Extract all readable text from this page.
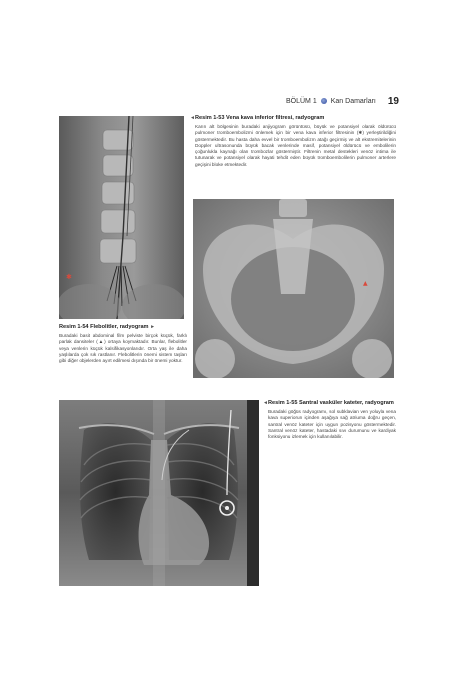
BÖLÜM 1 Kan Damarları 19
✱
◄Resim 1-53 Vena kava inferior filtresi, radyogram
Karın alt bölgesinin buradaki anjiyogram görüntüsü, büyük ve potansiyel olarak öldürücü pulmoner tromboembolizmi önlemek için bir vena kava inferior filtresinin (✱) yerleştirildiğini göstermektedir. Bu hasta daha evvel bir tromboembolizm atağı geçirmiş ve alt ekstremitelerinin Doppler ultrasonunda büyük bacak venlerinde masif, potansiyel öldürücü ve embolilerin çoğunlukla kaynağı olan trombozlar göstermiştir. Filtrenin metal destekleri venöz intima ile tutunarak ve potansiyel olarak hayati tehdit eden büyük tromboembolilerin pulmoner arterlere geçişini bloke etmektedir.
▲
Resim 1-54 Flebolitler, radyogram ►
Buradaki basit abdominal film pelviste birçok küçük, farklı parlak dansiteler (▲) ortaya koymaktadır. Bunlar, flebolitler veya venlerin küçük kalsifikasyonlarıdır. Orta yaş ile daha yaşlılarda çok sık rastlanır. Flebolitlerin önemi sistem taşları gibi diğer objelerden ayırt edilmesi dışında bir önemi yoktur.
◄Resim 1-55 Santral vasküler kateter, radyogram
Buradaki göğüs radyogramı, sol subklavian ven yoluyla vena kava superiorun içinden aşağıya sağ atriuma doğru geçen, santral venöz kateter için uygun pozisyonu göstermektedir. Santral venöz kateter, hastadaki sıvı durumunu ve kardiyak fonksiyonu izlemek için kullanılabilir.
